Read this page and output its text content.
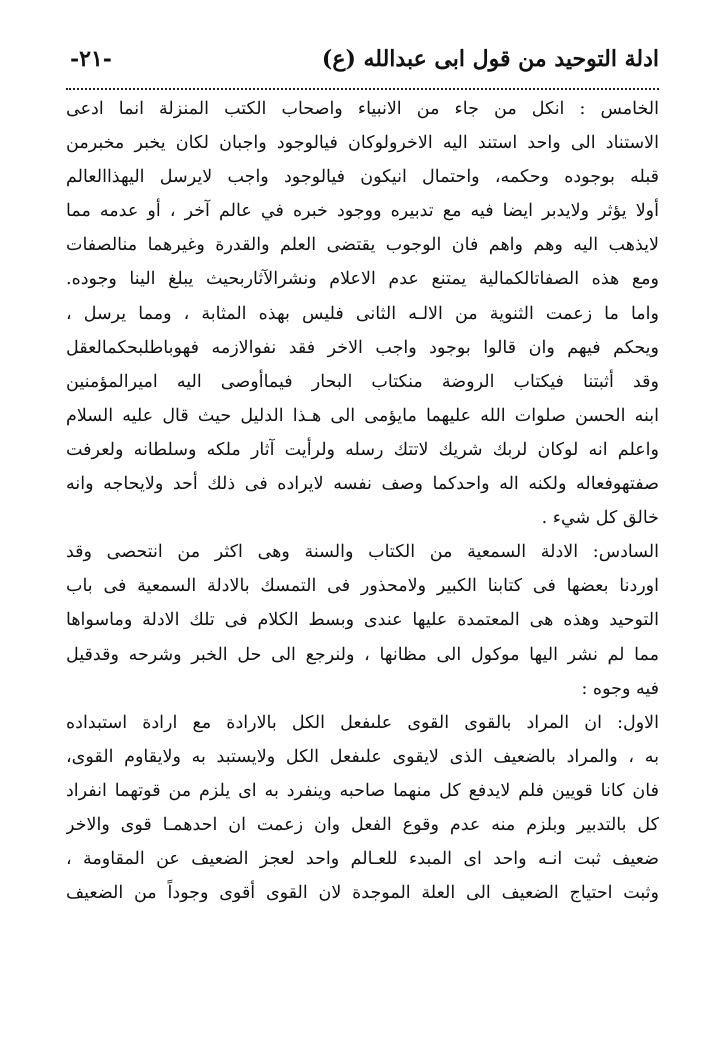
ادلة التوحيد من قول ابى عبدالله (ع)
-٢١-
الخامس : انكل من جاء من الانبياء واصحاب الكتب المنزلة انما ادعى
الاستناد الى واحد استند اليه الاخرولوكان فيالوجود واجبان لكان يخبر مخبرمن
قبله بوجوده وحكمه، واحتمال انيكون فيالوجود واجب لايرسل اليهذاالعالم
أولا يؤثر ولايدبر ايضا فيه مع تدبيره ووجود خبره في عالم آخر ، أو عدمه مما
لايذهب اليه وهم واهم فان الوجوب يقتضى العلم والقدرة وغيرهما منالصفات
ومع هذه الصفاتالكمالية يمتنع عدم الاعلام ونشرالآثاربحيث يبلغ الينا وجوده.
واما ما زعمت الثنوية من الالـه الثانى فليس بهذه المثابة ، ومما يرسل ،
ويحكم فيهم وان قالوا بوجود واجب الاخر فقد نفوالازمه فهوباطلبحكمالعقل
وقد أثبتنا فيكتاب الروضة منكتاب البحار فيماأوصى اليه اميرالمؤمنين
ابنه الحسن صلوات الله عليهما مايؤمى الى هـذا الدليل حيث قال عليه السلام
واعلم انه لوكان لربك شريك لاتتك رسله ولرأيت آثار ملكه وسلطانه ولعرفت
صفتهوفعاله ولكنه اله واحدكما وصف نفسه لايراده فى ذلك أحد ولايحاجه وانه
خالق كل شيء .
السادس: الادلة السمعية من الكتاب والسنة وهى اكثر من انتحصى وقد
اوردنا بعضها فى كتابنا الكبير ولامحذور فى التمسك بالادلة السمعية فى باب
التوحيد وهذه هى المعتمدة عليها عندى وبسط الكلام فى تلك الادلة وماسواها
مما لم نشر اليها موكول الى مظانها ، ولنرجع الى حل الخبر وشرحه وقدقيل
فيه وجوه :
الاول: ان المراد بالقوى القوى علىفعل الكل بالارادة مع ارادة استبداده
به ، والمراد بالضعيف الذى لايقوى علىفعل الكل ولايستبد به ولايقاوم القوى،
فان كانا قويين فلم لايدفع كل منهما صاحبه وينفرد به اى يلزم من قوتهما انفراد
كل بالتدبير وبلزم منه عدم وقوع الفعل وان زعمت ان احدهمـا قوى والاخر
ضعيف ثبت انـه واحد اى المبدء للعـالم واحد لعجز الضعيف عن المقاومة ،
وثبت احتياج الضعيف الى العلة الموجدة لان القوى أقوى وجوداً من الضعيف
